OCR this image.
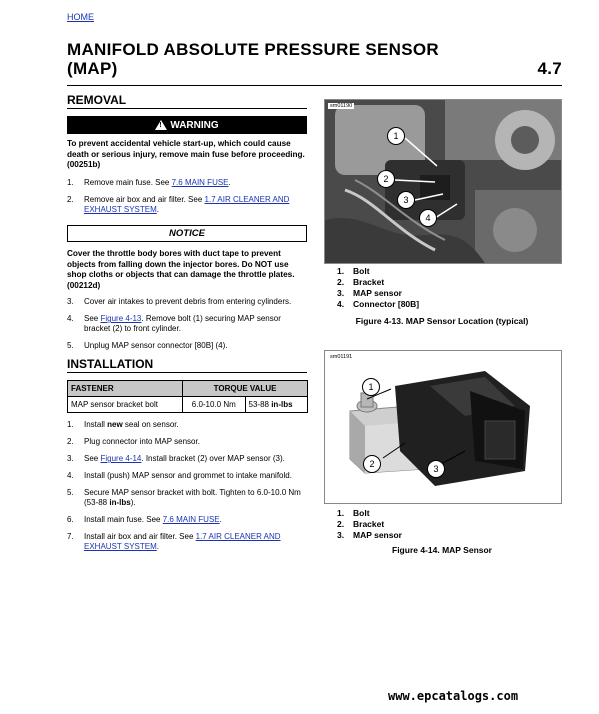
HOME
MANIFOLD ABSOLUTE PRESSURE SENSOR
(MAP)	4.7
REMOVAL
! WARNING
To prevent accidental vehicle start-up, which could cause death or serious injury, remove main fuse before proceeding. (00251b)
1. Remove main fuse. See 7.6 MAIN FUSE.
2. Remove air box and air filter. See 1.7 AIR CLEANER AND EXHAUST SYSTEM.
NOTICE
Cover the throttle body bores with duct tape to prevent objects from falling down the injector bores. Do NOT use shop cloths or objects that can damage the throttle plates. (00212d)
3. Cover air intakes to prevent debris from entering cylinders.
4. See Figure 4-13. Remove bolt (1) securing MAP sensor bracket (2) to front cylinder.
5. Unplug MAP sensor connector [80B] (4).
INSTALLATION
FASTENER	TORQUE VALUE	
MAP sensor bracket bolt	6.0-10.0 Nm	53-88 in-lbs
1. Install new seal on sensor.
2. Plug connector into MAP sensor.
3. See Figure 4-14. Install bracket (2) over MAP sensor (3).
4. Install (push) MAP sensor and grommet to intake manifold.
5. Secure MAP sensor bracket with bolt. Tighten to 6.0-10.0 Nm (53-88 in-lbs).
6. Install main fuse. See 7.6 MAIN FUSE.
7. Install air box and air filter. See 1.7 AIR CLEANER AND EXHAUST SYSTEM.
sm01190
1
2
3
4
1. Bolt
2. Bracket
3. MAP sensor
4. Connector [80B]
Figure 4-13. MAP Sensor Location (typical)
sm01191
1
2	3
1. Bolt
2. Bracket
3. MAP sensor
Figure 4-14. MAP Sensor
www.epcatalogs.com
